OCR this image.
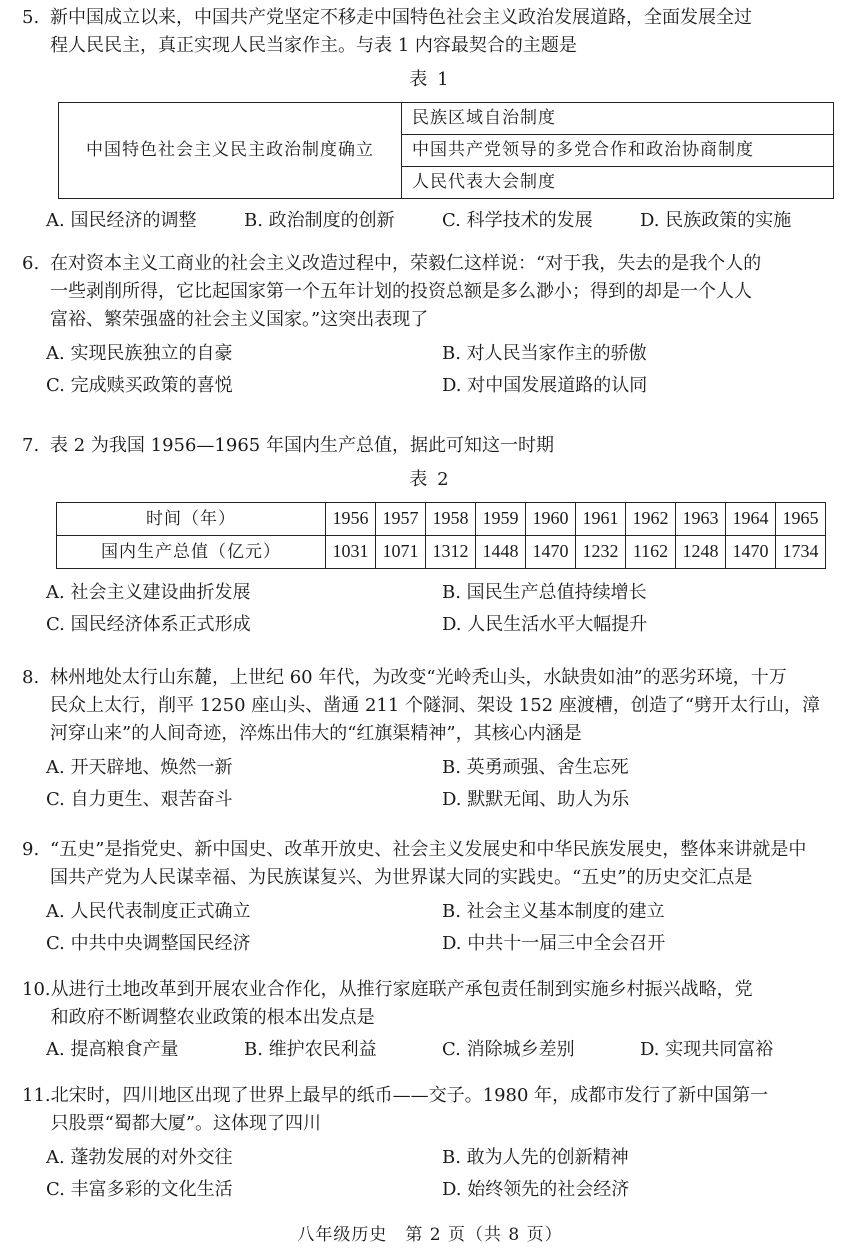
5. 新中国成立以来，中国共产党坚定不移走中国特色社会主义政治发展道路，全面发展全过
程人民民主，真正实现人民当家作主。与表 1 内容最契合的主题是
表 1
中国特色社会主义民主政治制度确立	民族区域自治制度
中国共产党领导的多党合作和政治协商制度
人民代表大会制度
A. 国民经济的调整	B. 政治制度的创新	C. 科学技术的发展	D. 民族政策的实施
6. 在对资本主义工商业的社会主义改造过程中，荣毅仁这样说：“对于我，失去的是我个人的
一些剥削所得，它比起国家第一个五年计划的投资总额是多么渺小；得到的却是一个人人
富裕、繁荣强盛的社会主义国家。”这突出表现了
A. 实现民族独立的自豪	B. 对人民当家作主的骄傲
C. 完成赎买政策的喜悦	D. 对中国发展道路的认同
7. 表 2 为我国 1956—1965 年国内生产总值，据此可知这一时期
表 2
时间（年）	1956	1957	1958	1959	1960	1961	1962	1963	1964	1965
国内生产总值（亿元）	1031	1071	1312	1448	1470	1232	1162	1248	1470	1734
A. 社会主义建设曲折发展	B. 国民生产总值持续增长
C. 国民经济体系正式形成	D. 人民生活水平大幅提升
8. 林州地处太行山东麓，上世纪 60 年代，为改变“光岭秃山头，水缺贵如油”的恶劣环境，十万
民众上太行，削平 1250 座山头、凿通 211 个隧洞、架设 152 座渡槽，创造了“劈开太行山，漳
河穿山来”的人间奇迹，淬炼出伟大的“红旗渠精神”，其核心内涵是
A. 开天辟地、焕然一新	B. 英勇顽强、舍生忘死
C. 自力更生、艰苦奋斗	D. 默默无闻、助人为乐
9. “五史”是指党史、新中国史、改革开放史、社会主义发展史和中华民族发展史，整体来讲就是中
国共产党为人民谋幸福、为民族谋复兴、为世界谋大同的实践史。“五史”的历史交汇点是
A. 人民代表制度正式确立	B. 社会主义基本制度的建立
C. 中共中央调整国民经济	D. 中共十一届三中全会召开
10. 从进行土地改革到开展农业合作化，从推行家庭联产承包责任制到实施乡村振兴战略，党
和政府不断调整农业政策的根本出发点是
A. 提高粮食产量	B. 维护农民利益	C. 消除城乡差别	D. 实现共同富裕
11. 北宋时，四川地区出现了世界上最早的纸币——交子。1980 年，成都市发行了新中国第一
只股票“蜀都大厦”。这体现了四川
A. 蓬勃发展的对外交往	B. 敢为人先的创新精神
C. 丰富多彩的文化生活	D. 始终领先的社会经济
八年级历史　第 2 页（共 8 页）
